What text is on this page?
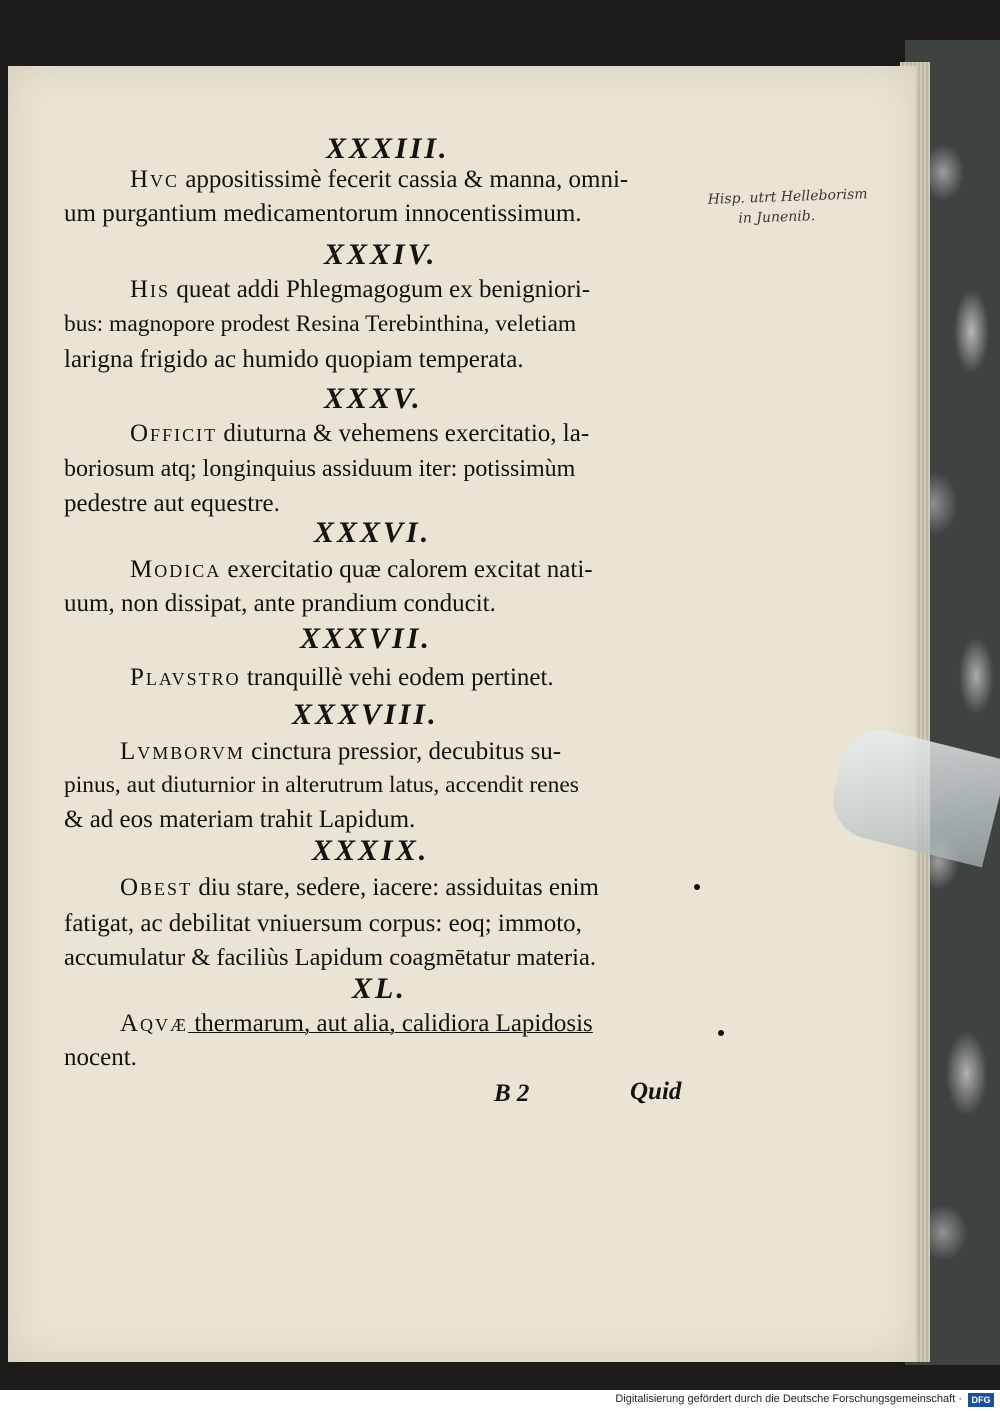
XXXIII.
Hvc appositissimè fecerit cassia & manna, omni-
um purgantium medicamentorum innocentissimum.
XXXIV.
His queat addi Phlegmagogum ex benigniori-
bus: magnopore prodest Resina Terebinthina, veletiam
larigna frigido ac humido quopiam temperata.
XXXV.
Officit diuturna & vehemens exercitatio, la-
boriosum atq; longinquius assiduum iter: potissimùm
pedestre aut equestre.
XXXVI.
Modica exercitatio quæ calorem excitat nati-
uum, non dissipat, ante prandium conducit.
XXXVII.
Plavstro tranquillè vehi eodem pertinet.
XXXVIII.
Lvmborvm cinctura pressior, decubitus su-
pinus, aut diuturnior in alterutrum latus, accendit renes
& ad eos materiam trahit Lapidum.
XXXIX.
Obest diu stare, sedere, iacere: assiduitas enim
fatigat, ac debilitat vniuersum corpus: eoq; immoto,
accumulatur & faciliùs Lapidum coagmētatur materia.
XL.
Aqvæ thermarum, aut alia, calidiora Lapidosis
nocent.
B 2	Quid
Hisp. utrt Helleborism
in Junenib.
Digitalisierung gefördert durch die Deutsche Forschungsgemeinschaft ·	DFG
